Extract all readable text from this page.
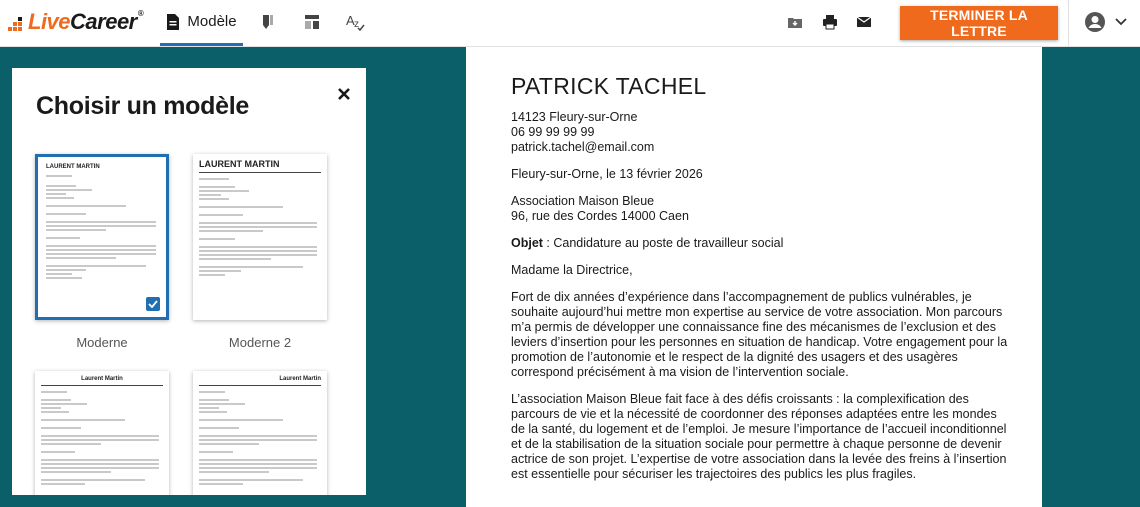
LiveCareer®	Modèle	A z
TERMINER LA LETTRE
Choisir un modèle
LAURENT MARTIN
Moderne
LAURENT MARTIN
Moderne 2
Laurent Martin	Laurent Martin
PATRICK TACHEL
14123 Fleury-sur-Orne
06 99 99 99 99
patrick.tachel@email.com
Fleury-sur-Orne, le 13 février 2026
Association Maison Bleue
96, rue des Cordes 14000 Caen
Objet : Candidature au poste de travailleur social
Madame la Directrice,
Fort de dix années d’expérience dans l’accompagnement de publics vulnérables, je souhaite aujourd’hui mettre mon expertise au service de votre association. Mon parcours m’a permis de développer une connaissance fine des mécanismes de l’exclusion et des leviers d’insertion pour les personnes en situation de handicap. Votre engagement pour la promotion de l’autonomie et le respect de la dignité des usagers et des usagères correspond précisément à ma vision de l’intervention sociale.
L’association Maison Bleue fait face à des défis croissants : la complexification des parcours de vie et la nécessité de coordonner des réponses adaptées entre les mondes de la santé, du logement et de l’emploi. Je mesure l’importance de l’accueil inconditionnel et de la stabilisation de la situation sociale pour permettre à chaque personne de devenir actrice de son projet. L’expertise de votre association dans la levée des freins à l’insertion est essentielle pour sécuriser les trajectoires des publics les plus fragiles.
